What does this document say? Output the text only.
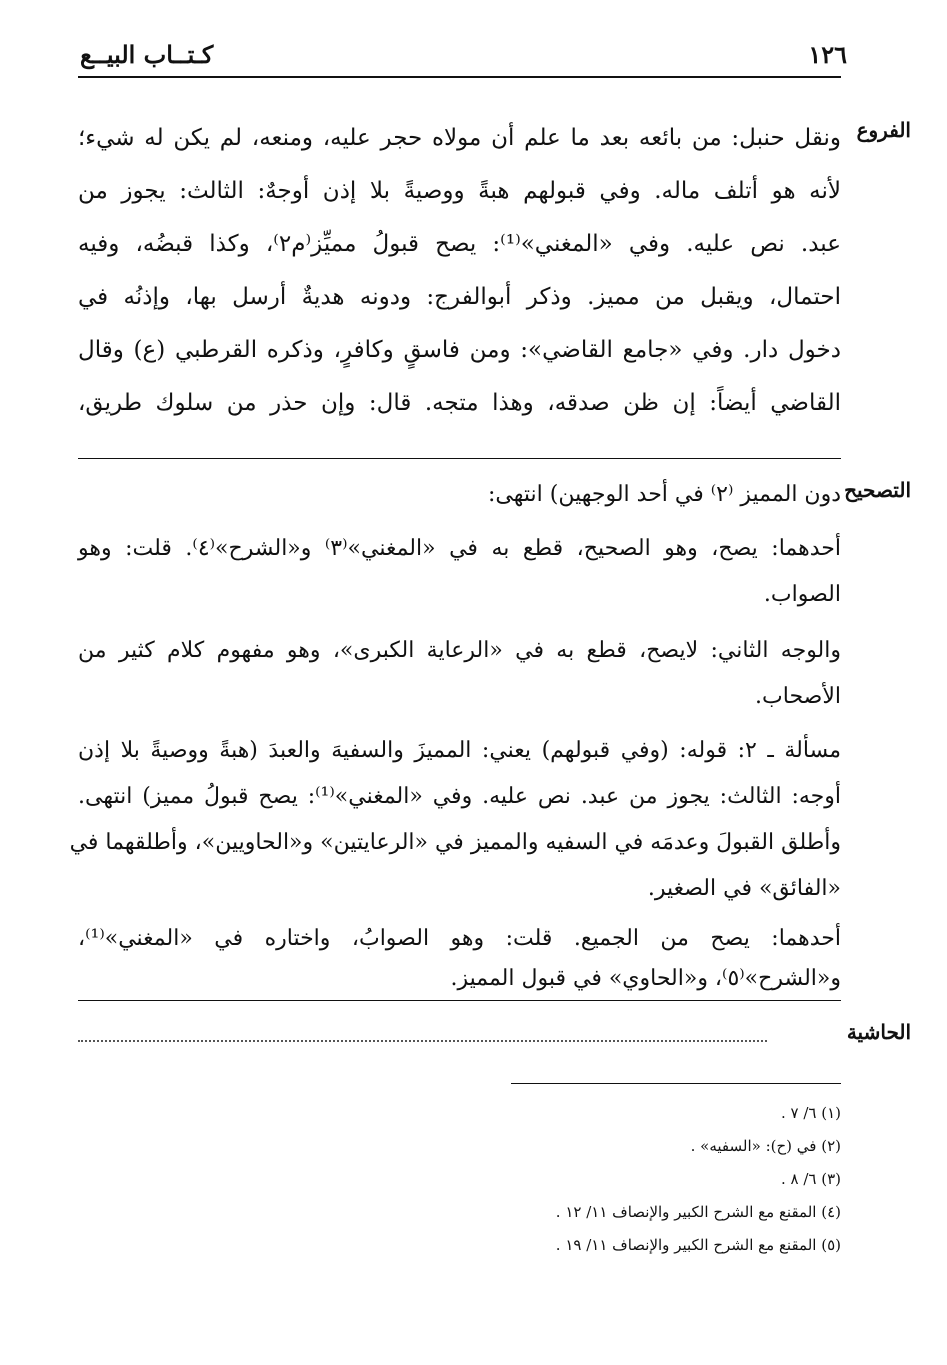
١٢٦
كـتــاب البيــع
الفروع
ونقل حنبل: من بائعه بعد ما علم أن مولاه حجر عليه، ومنعه، لم يكن له شيء؛
لأنه هو أتلف ماله. وفي قبولهم هبةً ووصيةً بلا إذن أوجهٌ: الثالث: يجوز من
عبد. نص عليه. وفي «المغني»⁽¹⁾: يصح قبولُ مميِّز⁽م٢⁾، وكذا قبضُه، وفيه
احتمال، ويقبل من مميز. وذكر أبوالفرج: ودونه هديةٌ أرسل بها، وإذنُه في
دخول دار. وفي «جامع القاضي»: ومن فاسقٍ وكافرٍ، وذكره القرطبي (ع) وقال
القاضي أيضاً: إن ظن صدقه، وهذا متجه. قال: وإن حذر من سلوك طريق،
التصحيح
دون المميز ⁽٢⁾ في أحد الوجهين) انتهى:
أحدهما: يصح، وهو الصحيح، قطع به في «المغني»⁽٣⁾ و«الشرح»⁽٤⁾. قلت: وهو
الصواب.
والوجه الثاني: لايصح، قطع به في «الرعاية الكبرى»، وهو مفهوم كلام كثير من
الأصحاب.
مسألة ـ ٢: قوله: (وفي قبولهم) يعني: المميزَ والسفيهَ والعبدَ (هبةً ووصيةً بلا إذن
أوجه: الثالث: يجوز من عبد. نص عليه. وفي «المغني»⁽¹⁾: يصح قبولُ مميز) انتهى.
وأطلق القبولَ وعدمَه في السفيه والمميز في «الرعايتين» و«الحاويين»، وأطلقهما في
«الفائق» في الصغير.
أحدهما: يصح من الجميع. قلت: وهو الصوابُ، واختاره في «المغني»⁽¹⁾،
و«الشرح»⁽٥⁾، و«الحاوي» في قبول المميز.
الحاشية
(١) ٦/ ٧ .
(٢) في (ح): «السفيه» .
(٣) ٦/ ٨ .
(٤) المقنع مع الشرح الكبير والإنصاف ١١/ ١٢ .
(٥) المقنع مع الشرح الكبير والإنصاف ١١/ ١٩ .
